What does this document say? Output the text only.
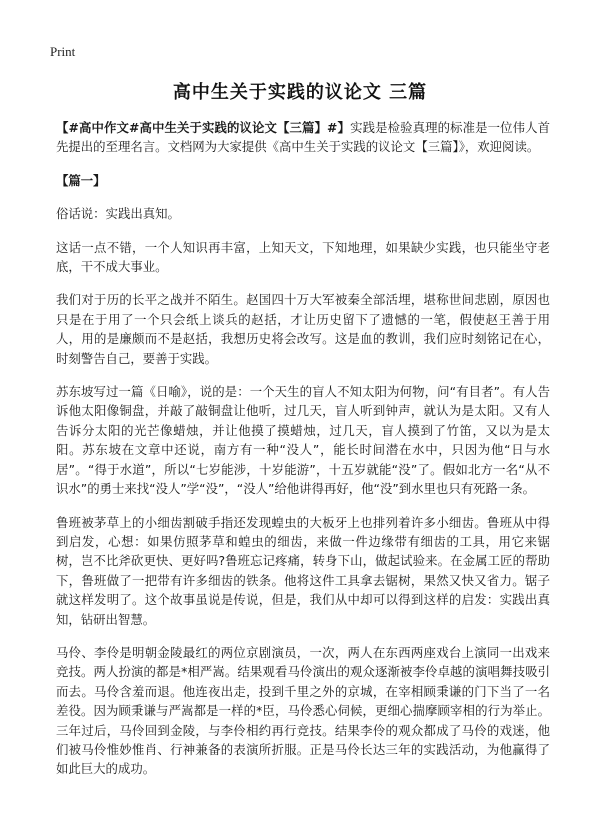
Print
高中生关于实践的议论文 三篇

【#高中作文#高中生关于实践的议论文【三篇】#】实践是检验真理的标准是一位伟人首先提出的至理名言。文档网为大家提供《高中生关于实践的议论文【三篇】》，欢迎阅读。

【篇一】

俗话说：实践出真知。

这话一点不错，一个人知识再丰富，上知天文，下知地理，如果缺少实践，也只能坐守老底，干不成大事业。

我们对于历的长平之战并不陌生。赵国四十万大军被秦全部活埋，堪称世间悲剧，原因也只是在于用了一个只会纸上谈兵的赵括，才让历史留下了遗憾的一笔，假使赵王善于用人，用的是廉颇而不是赵括，我想历史将会改写。这是血的教训，我们应时刻铭记在心，时刻警告自己，要善于实践。

苏东坡写过一篇《日喻》，说的是：一个天生的盲人不知太阳为何物，问“有目者”。有人告诉他太阳像铜盘，并敲了敲铜盘让他听，过几天，盲人听到钟声，就认为是太阳。又有人告诉分太阳的光芒像蜡烛，并让他摸了摸蜡烛，过几天，盲人摸到了竹笛，又以为是太阳。苏东坡在文章中还说，南方有一种“没人”，能长时间潜在水中，只因为他“日与水居”。“得于水道”，所以“七岁能涉，十岁能游”，十五岁就能“没”了。假如北方一名“从不识水”的勇士来找“没人”学“没”，“没人”给他讲得再好，他“没”到水里也只有死路一条。

鲁班被茅草上的小细齿割破手指还发现蝗虫的大板牙上也排列着许多小细齿。鲁班从中得到启发，心想：如果仿照茅草和蝗虫的细齿，来做一件边缘带有细齿的工具，用它来锯树，岂不比斧砍更快、更好吗?鲁班忘记疼痛，转身下山，做起试验来。在金属工匠的帮助下，鲁班做了一把带有许多细齿的铁条。他将这件工具拿去锯树，果然又快又省力。锯子就这样发明了。这个故事虽说是传说，但是，我们从中却可以得到这样的启发：实践出真知，钻研出智慧。

马伶、李伶是明朝金陵最红的两位京剧演员，一次，两人在东西两座戏台上演同一出戏来竞技。两人扮演的都是*相严嵩。结果观看马伶演出的观众逐渐被李伶卓越的演唱舞技吸引而去。马伶含羞而退。他连夜出走，投到千里之外的京城，在宰相顾秉谦的门下当了一名差役。因为顾秉谦与严嵩都是一样的*臣，马伶悉心伺候，更细心揣摩顾宰相的行为举止。三年过后，马伶回到金陵，与李伶相约再行竞技。结果李伶的观众都成了马伶的戏迷，他们被马伶惟妙惟肖、行神兼备的表演所折服。正是马伶长达三年的实践活动，为他赢得了如此巨大的成功。
